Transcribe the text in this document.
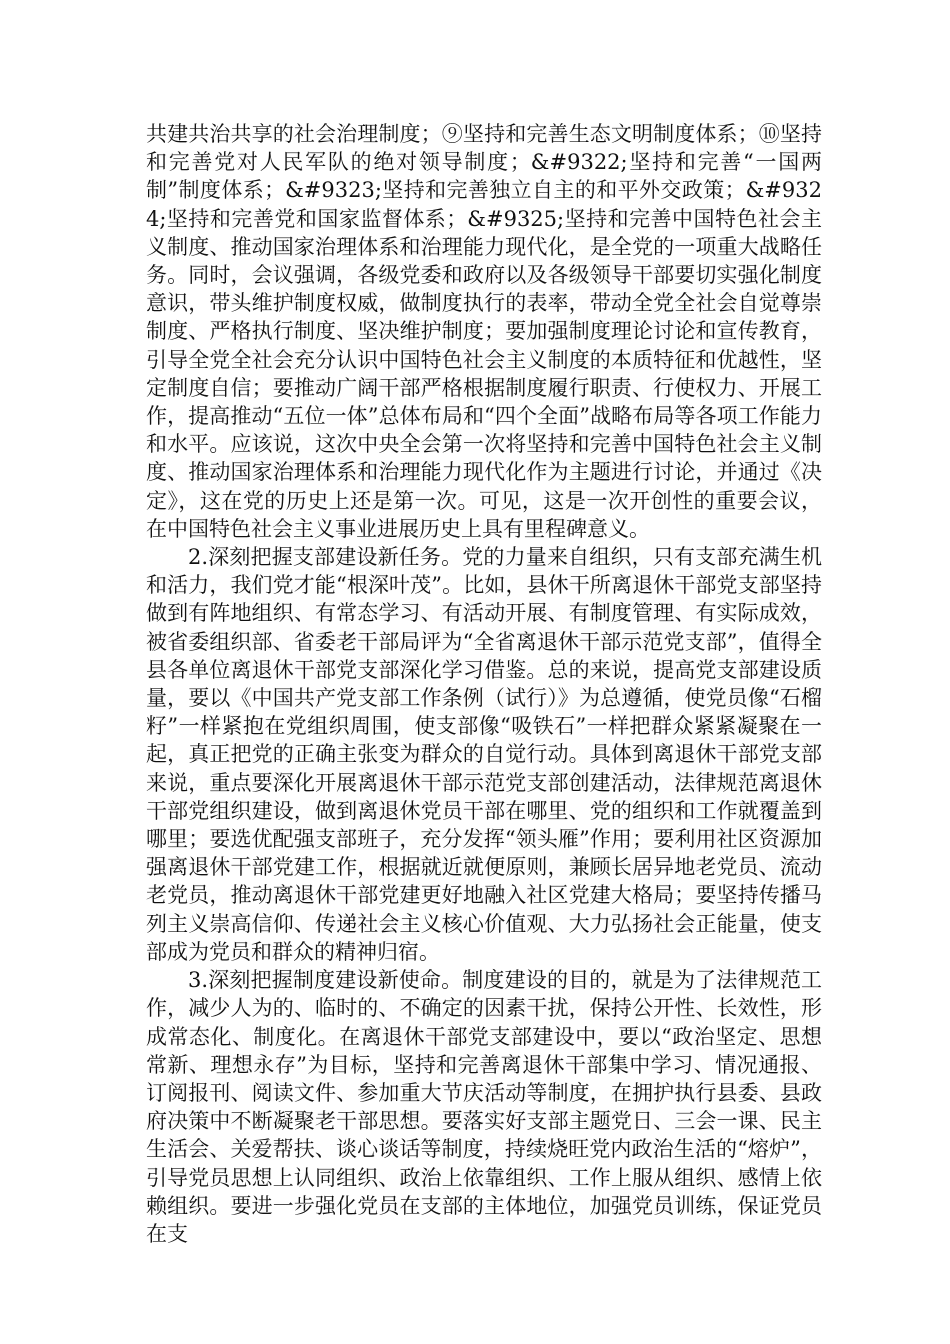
共建共治共享的社会治理制度；⑨坚持和完善生态文明制度体系；⑩坚持和完善党对人民军队的绝对领导制度；&#9322;坚持和完善“一国两制”制度体系；&#9323;坚持和完善独立自主的和平外交政策；&#9324;坚持和完善党和国家监督体系；&#9325;坚持和完善中国特色社会主义制度、推动国家治理体系和治理能力现代化，是全党的一项重大战略任务。同时，会议强调，各级党委和政府以及各级领导干部要切实强化制度意识，带头维护制度权威，做制度执行的表率，带动全党全社会自觉尊崇制度、严格执行制度、坚决维护制度；要加强制度理论讨论和宣传教育，引导全党全社会充分认识中国特色社会主义制度的本质特征和优越性，坚定制度自信；要推动广阔干部严格根据制度履行职责、行使权力、开展工作，提高推动“五位一体”总体布局和“四个全面”战略布局等各项工作能力和水平。应该说，这次中央全会第一次将坚持和完善中国特色社会主义制度、推动国家治理体系和治理能力现代化作为主题进行讨论，并通过《决定》，这在党的历史上还是第一次。可见，这是一次开创性的重要会议，在中国特色社会主义事业进展历史上具有里程碑意义。

2.深刻把握支部建设新任务。党的力量来自组织，只有支部充满生机和活力，我们党才能“根深叶茂”。比如，县休干所离退休干部党支部坚持做到有阵地组织、有常态学习、有活动开展、有制度管理、有实际成效，被省委组织部、省委老干部局评为“全省离退休干部示范党支部”，值得全县各单位离退休干部党支部深化学习借鉴。总的来说，提高党支部建设质量，要以《中国共产党支部工作条例（试行）》为总遵循，使党员像“石榴籽”一样紧抱在党组织周围，使支部像“吸铁石”一样把群众紧紧凝聚在一起，真正把党的正确主张变为群众的自觉行动。具体到离退休干部党支部来说，重点要深化开展离退休干部示范党支部创建活动，法律规范离退休干部党组织建设，做到离退休党员干部在哪里、党的组织和工作就覆盖到哪里；要选优配强支部班子，充分发挥“领头雁”作用；要利用社区资源加强离退休干部党建工作，根据就近就便原则，兼顾长居异地老党员、流动老党员，推动离退休干部党建更好地融入社区党建大格局；要坚持传播马列主义崇高信仰、传递社会主义核心价值观、大力弘扬社会正能量，使支部成为党员和群众的精神归宿。

3.深刻把握制度建设新使命。制度建设的目的，就是为了法律规范工作，减少人为的、临时的、不确定的因素干扰，保持公开性、长效性，形成常态化、制度化。在离退休干部党支部建设中，要以“政治坚定、思想常新、理想永存”为目标，坚持和完善离退休干部集中学习、情况通报、订阅报刊、阅读文件、参加重大节庆活动等制度，在拥护执行县委、县政府决策中不断凝聚老干部思想。要落实好支部主题党日、三会一课、民主生活会、关爱帮扶、谈心谈话等制度，持续烧旺党内政治生活的“熔炉”，引导党员思想上认同组织、政治上依靠组织、工作上服从组织、感情上依赖组织。要进一步强化党员在支部的主体地位，加强党员训练，保证党员在支
